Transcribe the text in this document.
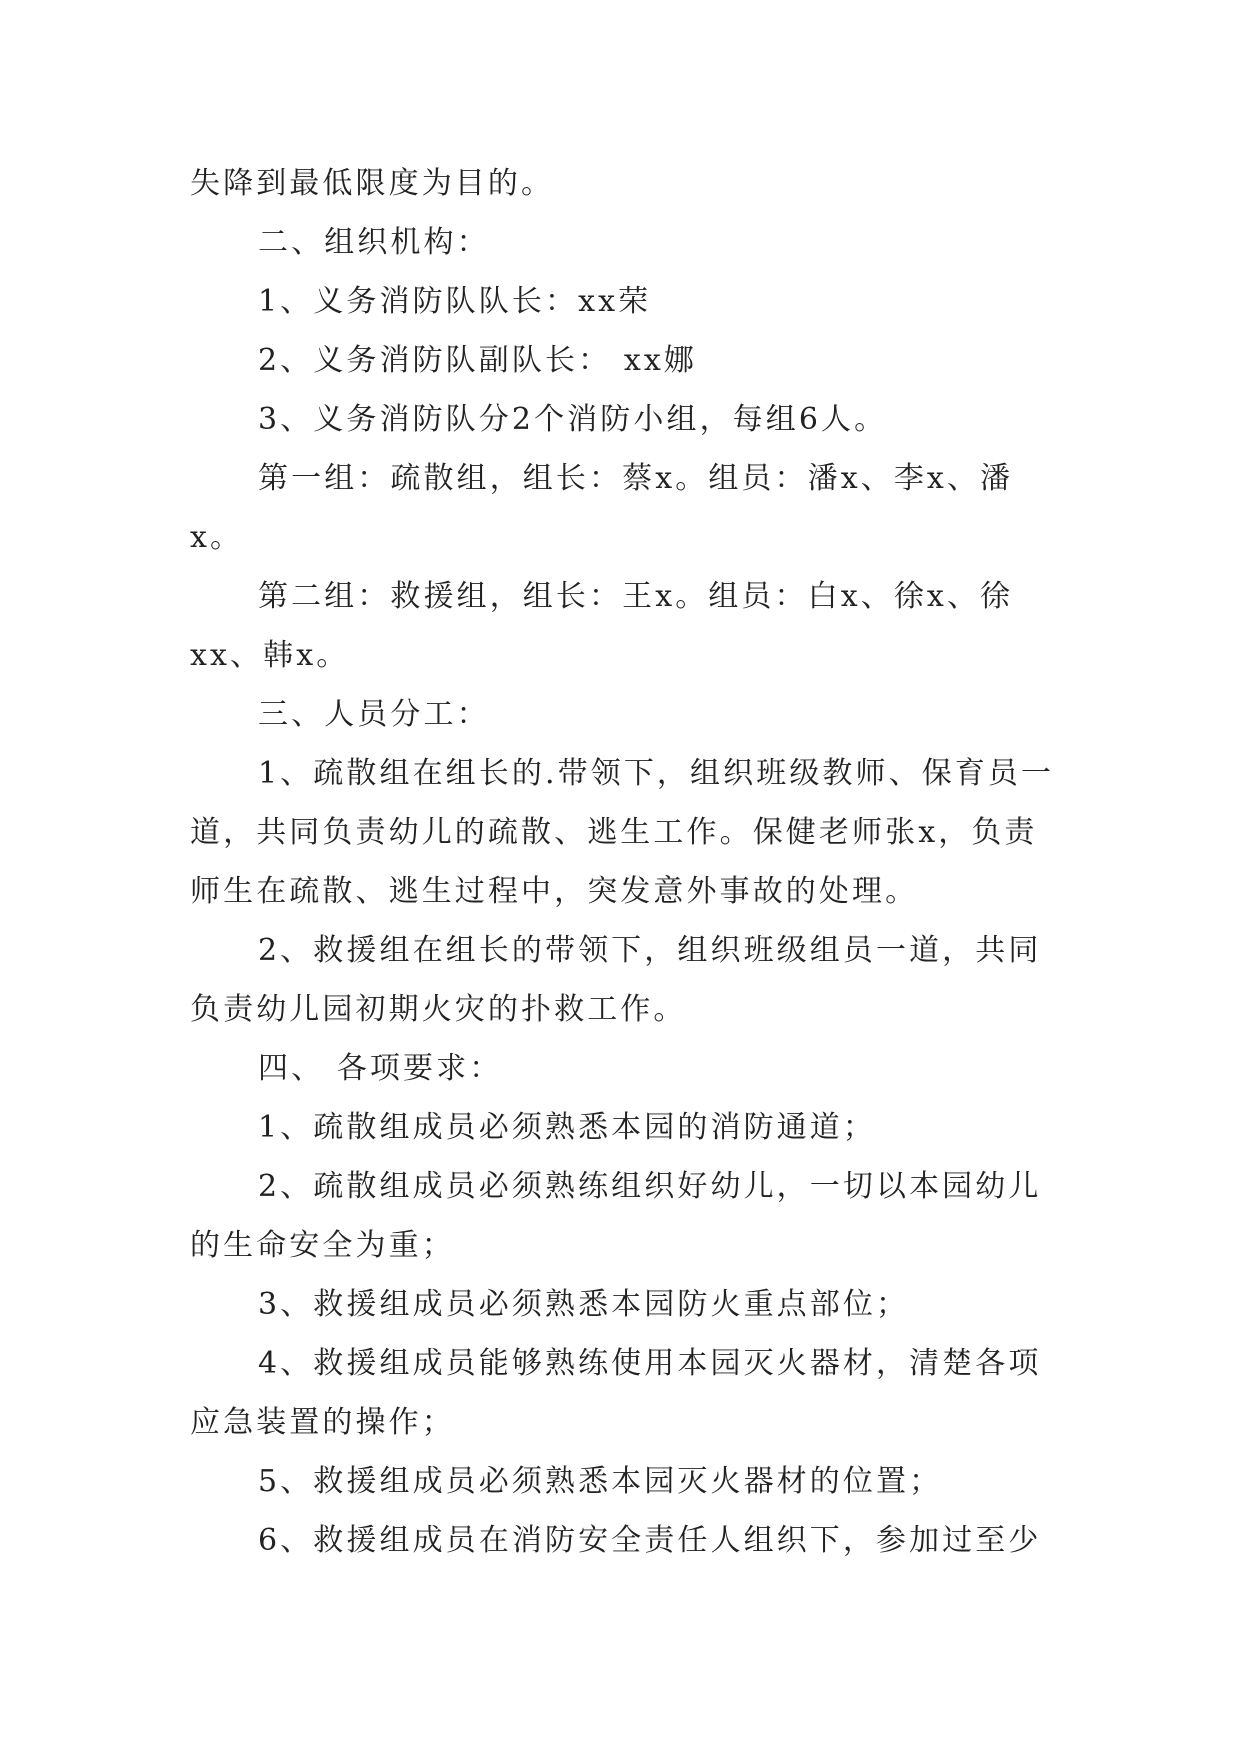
失降到最低限度为目的。
二、组织机构：
1、义务消防队队长：xx荣
2、义务消防队副队长： xx娜
3、义务消防队分2个消防小组，每组6人。
第一组：疏散组，组长：蔡x。组员：潘x、李x、潘
x。
第二组：救援组，组长：王x。组员：白x、徐x、徐
xx、韩x。
三、人员分工：
1、疏散组在组长的.带领下，组织班级教师、保育员一
道，共同负责幼儿的疏散、逃生工作。保健老师张x，负责
师生在疏散、逃生过程中，突发意外事故的处理。
2、救援组在组长的带领下，组织班级组员一道，共同
负责幼儿园初期火灾的扑救工作。
四、 各项要求：
1、疏散组成员必须熟悉本园的消防通道；
2、疏散组成员必须熟练组织好幼儿，一切以本园幼儿
的生命安全为重；
3、救援组成员必须熟悉本园防火重点部位；
4、救援组成员能够熟练使用本园灭火器材，清楚各项
应急装置的操作；
5、救援组成员必须熟悉本园灭火器材的位置；
6、救援组成员在消防安全责任人组织下，参加过至少
